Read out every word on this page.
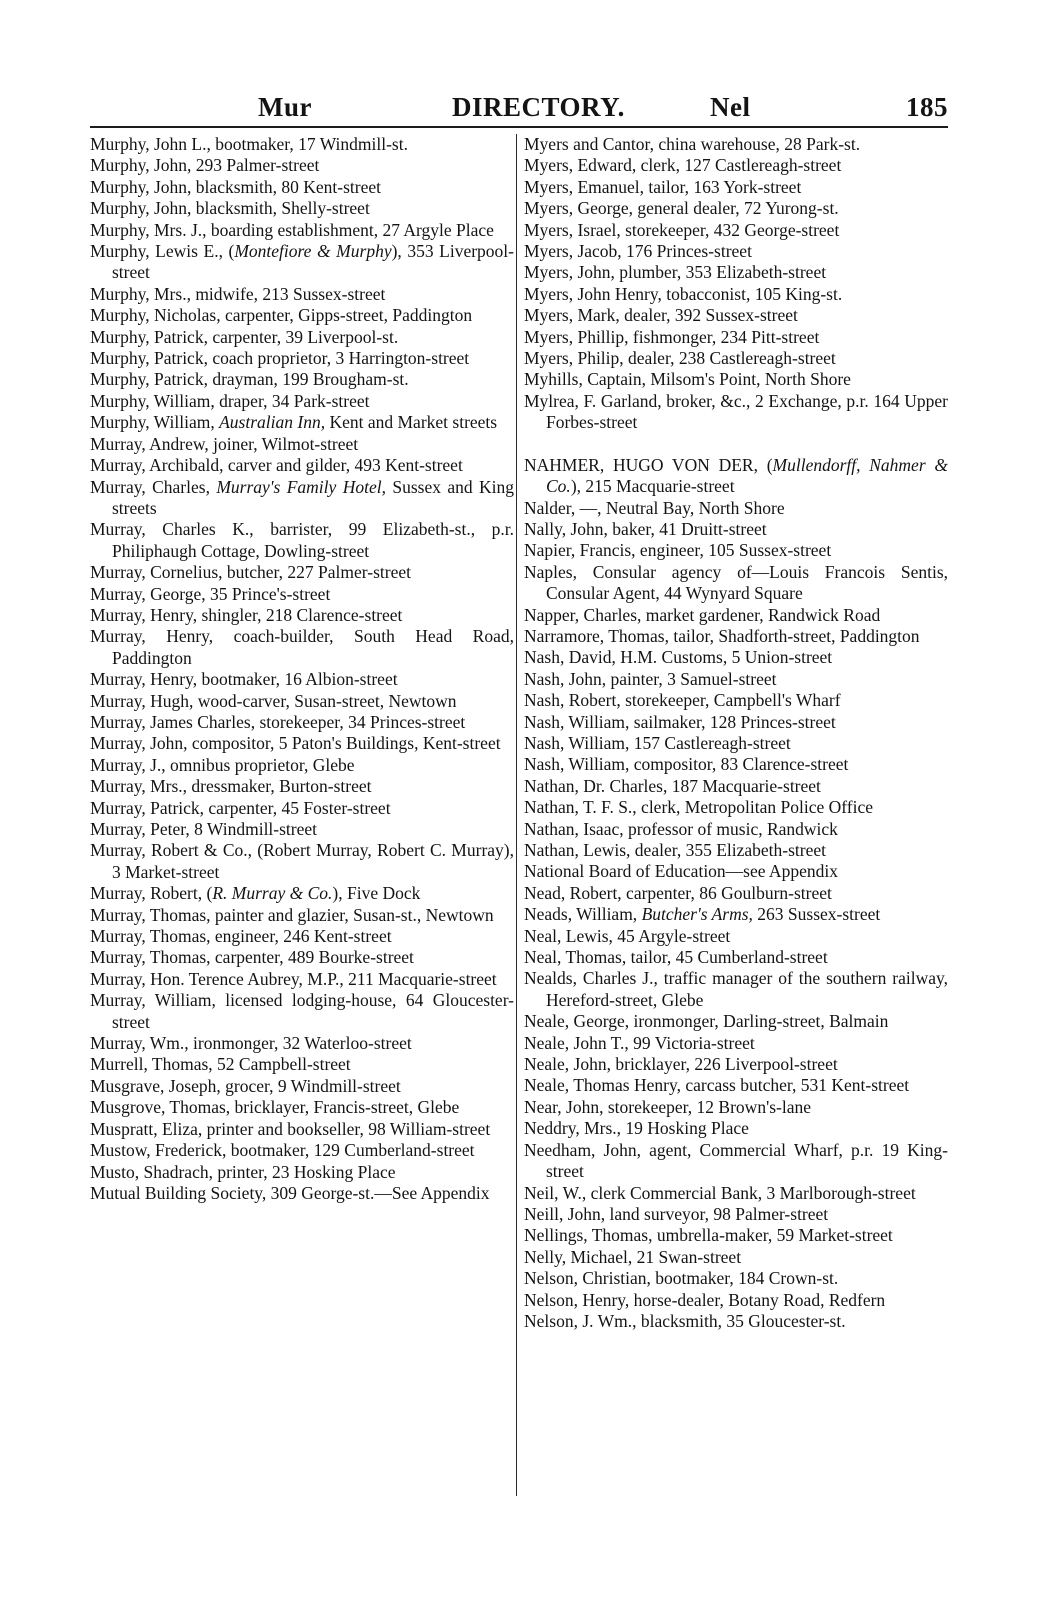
Mur	DIRECTORY.	Nel	185
Murphy, John L., bootmaker, 17 Windmill-st.
Murphy, John, 293 Palmer-street
Murphy, John, blacksmith, 80 Kent-street
Murphy, John, blacksmith, Shelly-street
Murphy, Mrs. J., boarding establishment, 27 Argyle Place
Murphy, Lewis E., (Montefiore & Murphy), 353 Liverpool-street
Murphy, Mrs., midwife, 213 Sussex-street
Murphy, Nicholas, carpenter, Gipps-street, Paddington
Murphy, Patrick, carpenter, 39 Liverpool-st.
Murphy, Patrick, coach proprietor, 3 Harrington-street
Murphy, Patrick, drayman, 199 Brougham-st.
Murphy, William, draper, 34 Park-street
Murphy, William, Australian Inn, Kent and Market streets
Murray, Andrew, joiner, Wilmot-street
Murray, Archibald, carver and gilder, 493 Kent-street
Murray, Charles, Murray's Family Hotel, Sussex and King streets
Murray, Charles K., barrister, 99 Elizabeth-st., p.r. Philiphaugh Cottage, Dowling-street
Murray, Cornelius, butcher, 227 Palmer-street
Murray, George, 35 Prince's-street
Murray, Henry, shingler, 218 Clarence-street
Murray, Henry, coach-builder, South Head Road, Paddington
Murray, Henry, bootmaker, 16 Albion-street
Murray, Hugh, wood-carver, Susan-street, Newtown
Murray, James Charles, storekeeper, 34 Princes-street
Murray, John, compositor, 5 Paton's Buildings, Kent-street
Murray, J., omnibus proprietor, Glebe
Murray, Mrs., dressmaker, Burton-street
Murray, Patrick, carpenter, 45 Foster-street
Murray, Peter, 8 Windmill-street
Murray, Robert & Co., (Robert Murray, Robert C. Murray), 3 Market-street
Murray, Robert, (R. Murray & Co.), Five Dock
Murray, Thomas, painter and glazier, Susan-st., Newtown
Murray, Thomas, engineer, 246 Kent-street
Murray, Thomas, carpenter, 489 Bourke-street
Murray, Hon. Terence Aubrey, M.P., 211 Macquarie-street
Murray, William, licensed lodging-house, 64 Gloucester-street
Murray, Wm., ironmonger, 32 Waterloo-street
Murrell, Thomas, 52 Campbell-street
Musgrave, Joseph, grocer, 9 Windmill-street
Musgrove, Thomas, bricklayer, Francis-street, Glebe
Muspratt, Eliza, printer and bookseller, 98 William-street
Mustow, Frederick, bootmaker, 129 Cumberland-street
Musto, Shadrach, printer, 23 Hosking Place
Mutual Building Society, 309 George-st.—See Appendix
Myers and Cantor, china warehouse, 28 Park-st.
Myers, Edward, clerk, 127 Castlereagh-street
Myers, Emanuel, tailor, 163 York-street
Myers, George, general dealer, 72 Yurong-st.
Myers, Israel, storekeeper, 432 George-street
Myers, Jacob, 176 Princes-street
Myers, John, plumber, 353 Elizabeth-street
Myers, John Henry, tobacconist, 105 King-st.
Myers, Mark, dealer, 392 Sussex-street
Myers, Phillip, fishmonger, 234 Pitt-street
Myers, Philip, dealer, 238 Castlereagh-street
Myhills, Captain, Milsom's Point, North Shore
Mylrea, F. Garland, broker, &c., 2 Exchange, p.r. 164 Upper Forbes-street
NAHMER, HUGO VON DER, (Mullendorff, Nahmer & Co.), 215 Macquarie-street
Nalder, —, Neutral Bay, North Shore
Nally, John, baker, 41 Druitt-street
Napier, Francis, engineer, 105 Sussex-street
Naples, Consular agency of—Louis Francois Sentis, Consular Agent, 44 Wynyard Square
Napper, Charles, market gardener, Randwick Road
Narramore, Thomas, tailor, Shadforth-street, Paddington
Nash, David, H.M. Customs, 5 Union-street
Nash, John, painter, 3 Samuel-street
Nash, Robert, storekeeper, Campbell's Wharf
Nash, William, sailmaker, 128 Princes-street
Nash, William, 157 Castlereagh-street
Nash, William, compositor, 83 Clarence-street
Nathan, Dr. Charles, 187 Macquarie-street
Nathan, T. F. S., clerk, Metropolitan Police Office
Nathan, Isaac, professor of music, Randwick
Nathan, Lewis, dealer, 355 Elizabeth-street
National Board of Education—see Appendix
Nead, Robert, carpenter, 86 Goulburn-street
Neads, William, Butcher's Arms, 263 Sussex-street
Neal, Lewis, 45 Argyle-street
Neal, Thomas, tailor, 45 Cumberland-street
Nealds, Charles J., traffic manager of the southern railway, Hereford-street, Glebe
Neale, George, ironmonger, Darling-street, Balmain
Neale, John T., 99 Victoria-street
Neale, John, bricklayer, 226 Liverpool-street
Neale, Thomas Henry, carcass butcher, 531 Kent-street
Near, John, storekeeper, 12 Brown's-lane
Neddry, Mrs., 19 Hosking Place
Needham, John, agent, Commercial Wharf, p.r. 19 King-street
Neil, W., clerk Commercial Bank, 3 Marlborough-street
Neill, John, land surveyor, 98 Palmer-street
Nellings, Thomas, umbrella-maker, 59 Market-street
Nelly, Michael, 21 Swan-street
Nelson, Christian, bootmaker, 184 Crown-st.
Nelson, Henry, horse-dealer, Botany Road, Redfern
Nelson, J. Wm., blacksmith, 35 Gloucester-st.
